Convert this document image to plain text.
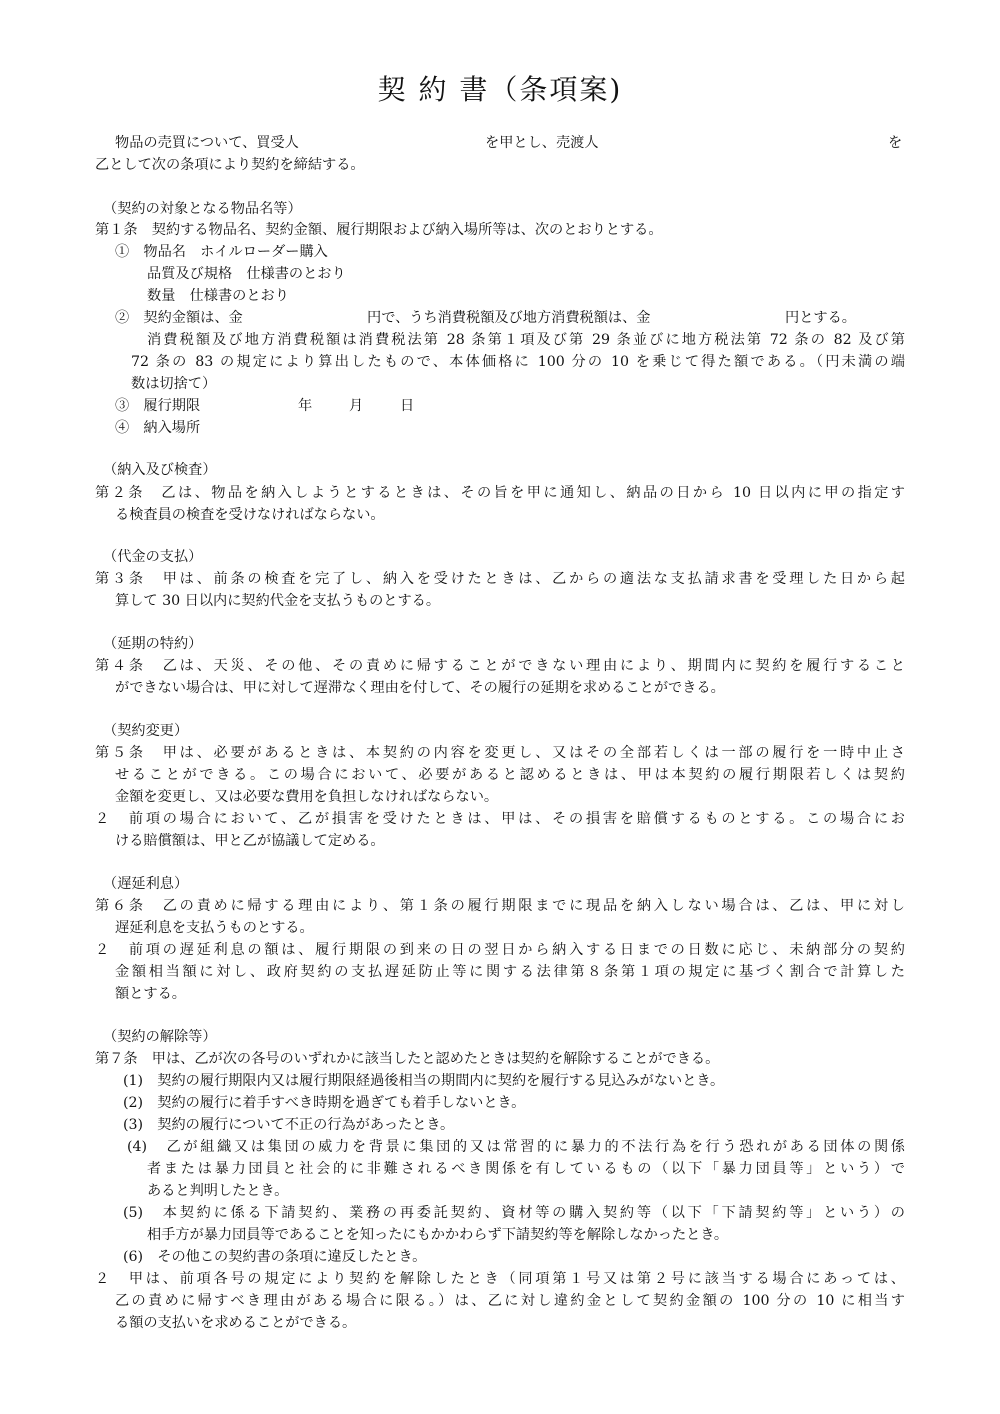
契 約 書（条項案)
物品の売買について、買受人	を甲とし、売渡人	を
乙として次の条項により契約を締結する。
（契約の対象となる物品名等）
第１条　契約する物品名、契約金額、履行期限および納入場所等は、次のとおりとする。
①　物品名　ホイルローダー購入
品質及び規格　仕様書のとおり
数量　仕様書のとおり
②　契約金額は、金	円で、うち消費税額及び地方消費税額は、金	円とする。
消費税額及び地方消費税額は消費税法第 28 条第１項及び第 29 条並びに地方税法第 72 条の 82 及び第
72 条の 83 の規定により算出したもので、本体価格に 100 分の 10 を乗じて得た額である。（円未満の端
数は切捨て）
③　履行期限	年	月	日
④　納入場所
（納入及び検査）
第２条　乙は、物品を納入しようとするときは、その旨を甲に通知し、納品の日から 10 日以内に甲の指定す
る検査員の検査を受けなければならない。
（代金の支払）
第３条　甲は、前条の検査を完了し、納入を受けたときは、乙からの適法な支払請求書を受理した日から起
算して 30 日以内に契約代金を支払うものとする。
（延期の特約）
第４条　乙は、天災、その他、その責めに帰することができない理由により、期間内に契約を履行すること
ができない場合は、甲に対して遅滞なく理由を付して、その履行の延期を求めることができる。
（契約変更）
第５条　甲は、必要があるときは、本契約の内容を変更し、又はその全部若しくは一部の履行を一時中止さ
せることができる。この場合において、必要があると認めるときは、甲は本契約の履行期限若しくは契約
金額を変更し、又は必要な費用を負担しなければならない。
２　前項の場合において、乙が損害を受けたときは、甲は、その損害を賠償するものとする。この場合にお
ける賠償額は、甲と乙が協議して定める。
（遅延利息）
第６条　乙の責めに帰する理由により、第１条の履行期限までに現品を納入しない場合は、乙は、甲に対し
遅延利息を支払うものとする。
２　前項の遅延利息の額は、履行期限の到来の日の翌日から納入する日までの日数に応じ、未納部分の契約
金額相当額に対し、政府契約の支払遅延防止等に関する法律第８条第１項の規定に基づく割合で計算した
額とする。
（契約の解除等）
第７条　甲は、乙が次の各号のいずれかに該当したと認めたときは契約を解除することができる。
(1)　契約の履行期限内又は履行期限経過後相当の期間内に契約を履行する見込みがないとき。
(2)　契約の履行に着手すべき時期を過ぎても着手しないとき。
(3)　契約の履行について不正の行為があったとき。
(4)　乙が組織又は集団の威力を背景に集団的又は常習的に暴力的不法行為を行う恐れがある団体の関係
者または暴力団員と社会的に非難されるべき関係を有しているもの（以下「暴力団員等」という）で
あると判明したとき。
(5)　本契約に係る下請契約、業務の再委託契約、資材等の購入契約等（以下「下請契約等」という）の
相手方が暴力団員等であることを知ったにもかかわらず下請契約等を解除しなかったとき。
(6)　その他この契約書の条項に違反したとき。
２　甲は、前項各号の規定により契約を解除したとき（同項第１号又は第２号に該当する場合にあっては、
乙の責めに帰すべき理由がある場合に限る。）は、乙に対し違約金として契約金額の 100 分の 10 に相当す
る額の支払いを求めることができる。
